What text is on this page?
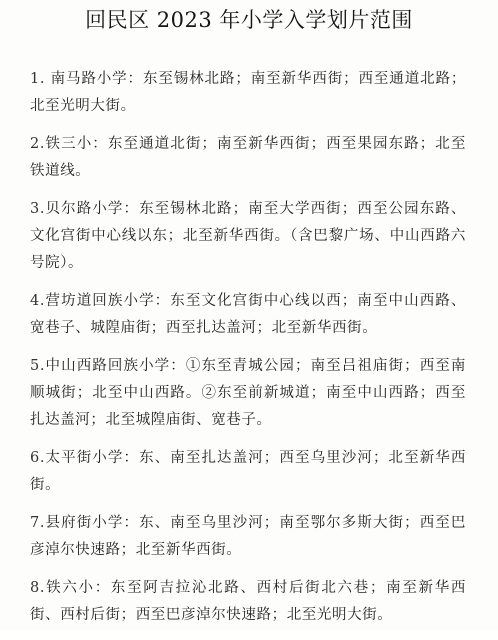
回民区 2023 年小学入学划片范围
1. 南马路小学：东至锡林北路；南至新华西街；西至通道北路；北至光明大街。
2.铁三小：东至通道北街；南至新华西街；西至果园东路；北至铁道线。
3.贝尔路小学：东至锡林北路；南至大学西街；西至公园东路、文化宫街中心线以东；北至新华西街。（含巴黎广场、中山西路六号院）。
4.营坊道回族小学：东至文化宫街中心线以西；南至中山西路、宽巷子、城隍庙街；西至扎达盖河；北至新华西街。
5.中山西路回族小学：①东至青城公园；南至吕祖庙街；西至南顺城街；北至中山西路。②东至前新城道；南至中山西路；西至扎达盖河；北至城隍庙街、宽巷子。
6.太平街小学：东、南至扎达盖河；西至乌里沙河；北至新华西街。
7.县府街小学：东、南至乌里沙河；南至鄂尔多斯大街；西至巴彦淖尔快速路；北至新华西街。
8.铁六小：东至阿吉拉沁北路、西村后街北六巷；南至新华西街、西村后街；西至巴彦淖尔快速路；北至光明大街。
